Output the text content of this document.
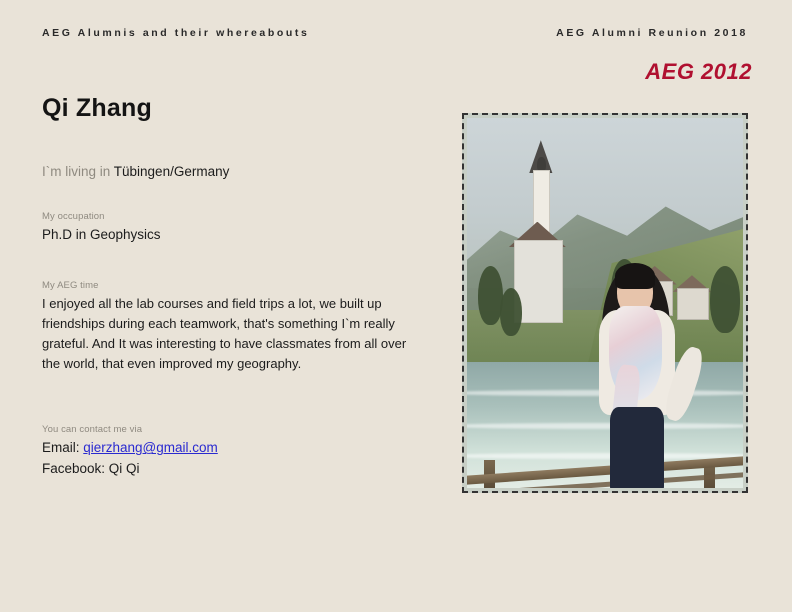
AEG Alumnis and their whereabouts	AEG Alumni Reunion 2018
AEG 2012
Qi Zhang
I`m living in Tübingen/Germany
My occupation
Ph.D in Geophysics
My AEG time
I enjoyed all the lab courses and field trips a lot, we built up friendships during each teamwork, that's something I`m really grateful. And It was interesting to have classmates from all over the world, that even improved my geography.
You can contact me via
Email: qierzhang@gmail.com
Facebook: Qi Qi
